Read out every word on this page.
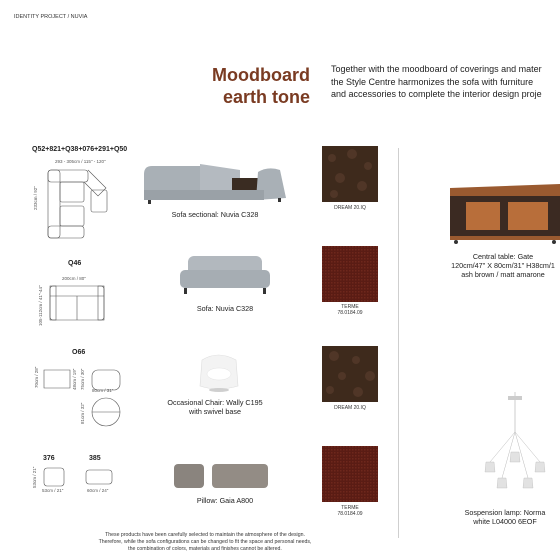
IDENTITY PROJECT / NUVIA
Moodboard
earth tone
Together with the moodboard of coverings and mater
the Style Centre harmonizes the sofa with furniture
and accessories to complete the interior design proje
Q52+821+Q38+076+291+Q50
293 - 305cm / 115" - 120"
233cm / 92"
Sofa sectional: Nuvia C328
Q46
200cm / 80"
105-112cm / 41"-44"	Sofa: Nuvia C328
O66
70cm / 28"	48cm / 19" 75cm / 30"
80cm / 31"
81cm / 32"
Occasional Chair: Wally C195
with swivel base
376	385
53cm / 21"
53cm / 21"	60cm / 24"
Pillow: Gaia A800
DREAM 20.IQ
TERME
78.0184.09
DREAM 20.IQ
TERME
78.0184.09
Central table: Gate
120cm/47" X 80cm/31" H38cm/1
ash brown / matt amarone
Sospension lamp: Norma
white L04000 6EOF
These products have been carefully selected to maintain the atmosphere of the design.
Therefore, while the sofa configurations can be changed to fit the space and personal needs,
the combination of colors, materials and finishes cannot be altered.
